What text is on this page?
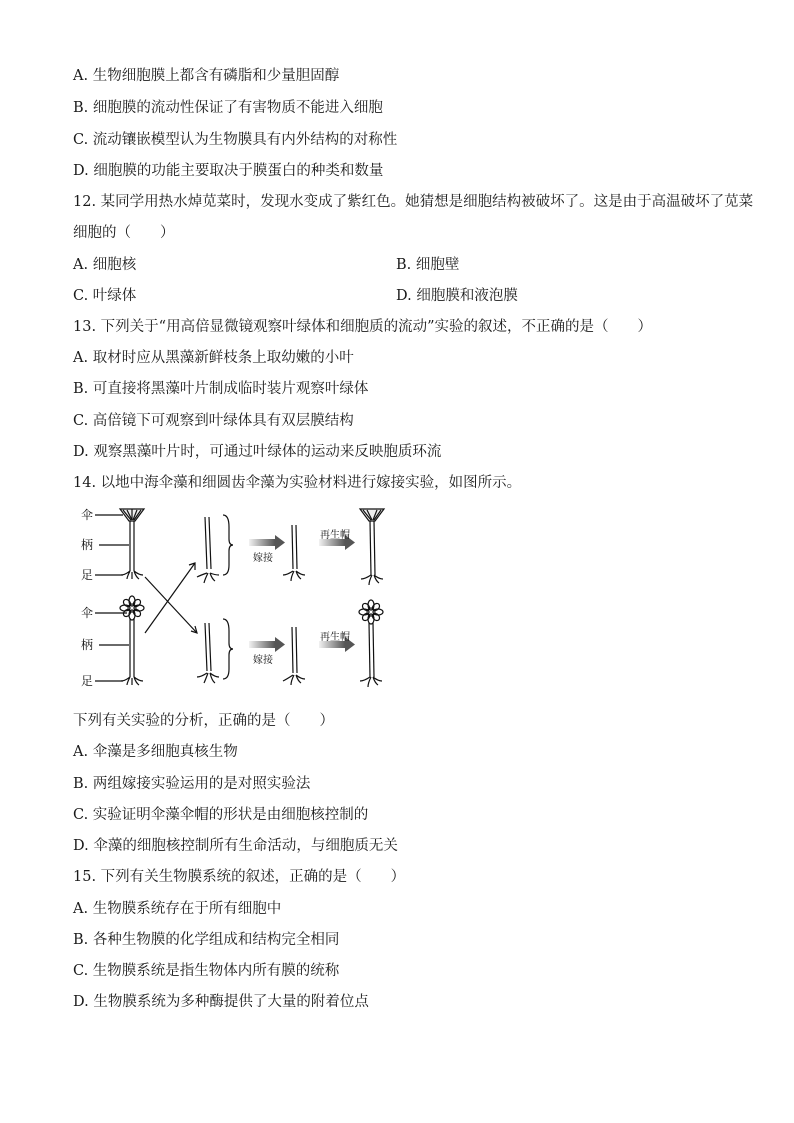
A. 生物细胞膜上都含有磷脂和少量胆固醇
B. 细胞膜的流动性保证了有害物质不能进入细胞
C. 流动镶嵌模型认为生物膜具有内外结构的对称性
D. 细胞膜的功能主要取决于膜蛋白的种类和数量
12. 某同学用热水焯苋菜时，发现水变成了紫红色。她猜想是细胞结构被破坏了。这是由于高温破坏了苋菜
细胞的（　　）
A. 细胞核	B. 细胞壁
C. 叶绿体	D. 细胞膜和液泡膜
13. 下列关于“用高倍显微镜观察叶绿体和细胞质的流动”实验的叙述，不正确的是（　　）
A. 取材时应从黑藻新鲜枝条上取幼嫩的小叶
B. 可直接将黑藻叶片制成临时装片观察叶绿体
C. 高倍镜下可观察到叶绿体具有双层膜结构
D. 观察黑藻叶片时，可通过叶绿体的运动来反映胞质环流
14. 以地中海伞藻和细圆齿伞藻为实验材料进行嫁接实验，如图所示。
伞
柄
足
伞
柄
足
嫁接
再生帽
嫁接
再生帽
下列有关实验的分析，正确的是（　　）
A. 伞藻是多细胞真核生物
B. 两组嫁接实验运用的是对照实验法
C. 实验证明伞藻伞帽的形状是由细胞核控制的
D. 伞藻的细胞核控制所有生命活动，与细胞质无关
15. 下列有关生物膜系统的叙述，正确的是（　　）
A. 生物膜系统存在于所有细胞中
B. 各种生物膜的化学组成和结构完全相同
C. 生物膜系统是指生物体内所有膜的统称
D. 生物膜系统为多种酶提供了大量的附着位点
